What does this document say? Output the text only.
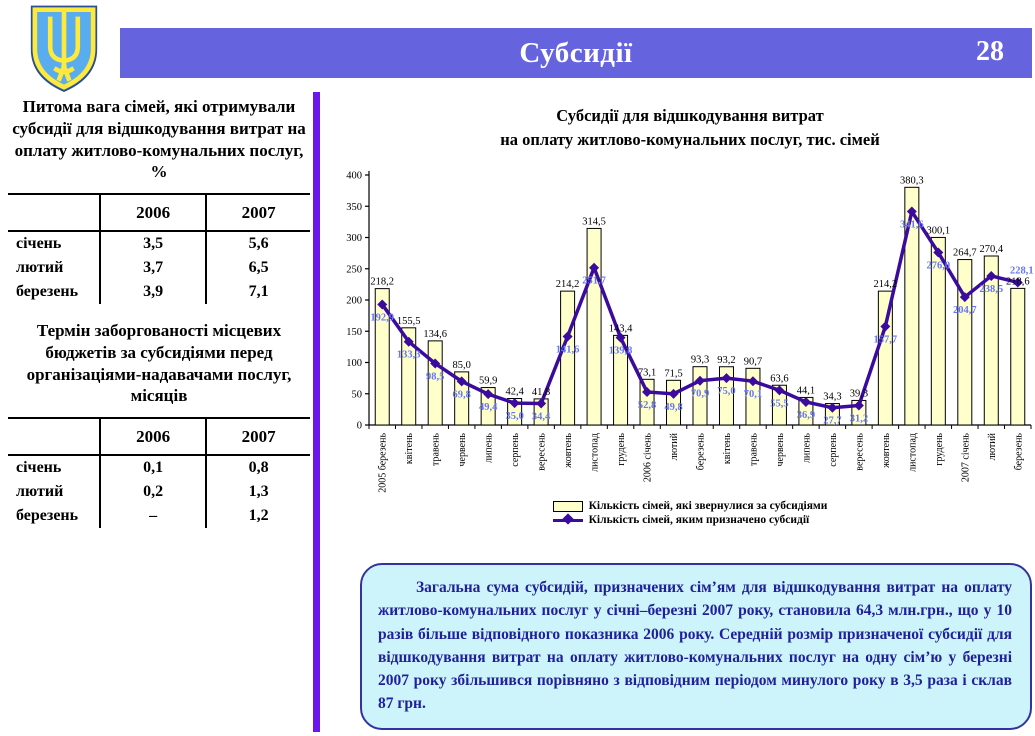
Субсидії	28
Питома вага сімей, які отримували субсидії для відшкодування витрат на оплату житлово-комунальних послуг, %
	2006	2007
січень	3,5	5,6
лютий	3,7	6,5
березень	3,9	7,1
Термін заборгованості місцевих бюджетів за субсидіями перед організаціями-надавачами послуг, місяців
	2006	2007
січень	0,1	0,8
лютий	0,2	1,3
березень	–	1,2
Субсидії для відшкодування витрат
на оплату житлово-комунальних послуг, тис. сімей
0
50
100
150
200
250
300
350
400
218,2
155,5
134,6
85,0
59,9
42,4 41,8
214,2
314,5
143,4
73,1 71,5
93,3 93,2 90,7
63,6
44,1
34,3 39,3
214,2
380,3
300,1
264,7 270,4
218,6
192,9
133,3
98,5
69,8
49,4
35,0 34,4
141,6
251,7
139,8
52,8 49,8
70,9 75,0 70,1
55,5
36,9
27,7 31,2
157,7
341,6
276,0
204,7
238,5
228,1
2005 березень квітень травень червень липень серпень вересень жовтень листопад грудень 2006 січень лютий березень квітень травень червень липень серпень вересень жовтень листопад грудень 2007 січень лютий березень
Кількість сімей, які звернулися за субсидіями
Кількість сімей, яким призначено субсидії
Загальна сума субсидій, призначених сім’ям для відшкодування витрат на оплату житлово-комунальних послуг у січні–березні 2007 року, становила 64,3 млн.грн., що у 10 разів більше відповідного показника 2006 року. Середній розмір призначеної субсидії для відшкодування витрат на оплату житлово-комунальних послуг на одну сім’ю у березні 2007 року збільшився порівняно з відповідним періодом минулого року в 3,5 раза і склав 87 грн.
